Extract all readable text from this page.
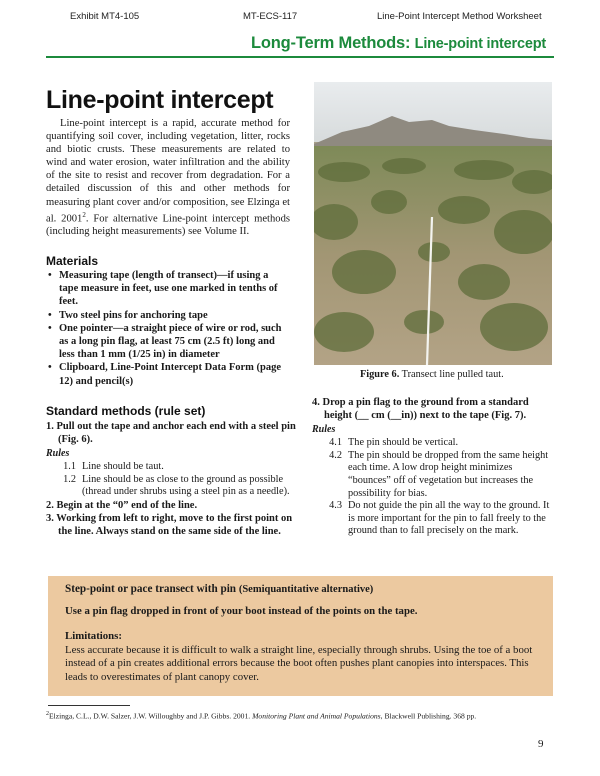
Exhibit MT4-105	MT-ECS-117	Line-Point Intercept Method Worksheet
Long-Term Methods: Line-point intercept
Line-point intercept

Line-point intercept is a rapid, accurate method for quantifying soil cover, including vegetation, litter, rocks and biotic crusts. These measurements are related to wind and water erosion, water infiltration and the ability of the site to resist and recover from degradation. For a detailed discussion of this and other methods for measuring plant cover and/or composition, see Elzinga et al. 2001$^2$. For alternative Line-point intercept methods (including height measurements) see Volume II.

Materials
• Measuring tape (length of transect)—if using a tape measure in feet, use one marked in tenths of feet.
• Two steel pins for anchoring tape
• One pointer—a straight piece of wire or rod, such as a long pin flag, at least 75 cm (2.5 ft) long and less than 1 mm (1/25 in) in diameter
• Clipboard, Line-Point Intercept Data Form (page 12) and pencil(s)
Standard methods (rule set)
1. Pull out the tape and anchor each end with a steel pin (Fig. 6).
Rules
1.1 Line should be taut.
1.2 Line should be as close to the ground as possible (thread under shrubs using a steel pin as a needle).
2. Begin at the “0” end of the line.
3. Working from left to right, move to the first point on the line. Always stand on the same side of the line.
Figure 6. Transect line pulled taut.
4. Drop a pin flag to the ground from a standard height (__ cm (__in)) next to the tape (Fig. 7).
Rules
4.1 The pin should be vertical.
4.2 The pin should be dropped from the same height each time. A low drop height minimizes “bounces” off of vegetation but increases the possibility for bias.
4.3 Do not guide the pin all the way to the ground. It is more important for the pin to fall freely to the ground than to fall precisely on the mark.
Step-point or pace transect with pin (Semiquantitative alternative)
Use a pin flag dropped in front of your boot instead of the points on the tape.
Limitations:
Less accurate because it is difficult to walk a straight line, especially through shrubs. Using the toe of a boot instead of a pin creates additional errors because the boot often pushes plant canopies into interspaces. This leads to overestimates of plant canopy cover.
$^2$Elzinga, C.L., D.W. Salzer, J.W. Willoughby and J.P. Gibbs. 2001. Monitoring Plant and Animal Populations, Blackwell Publishing. 368 pp.
9
